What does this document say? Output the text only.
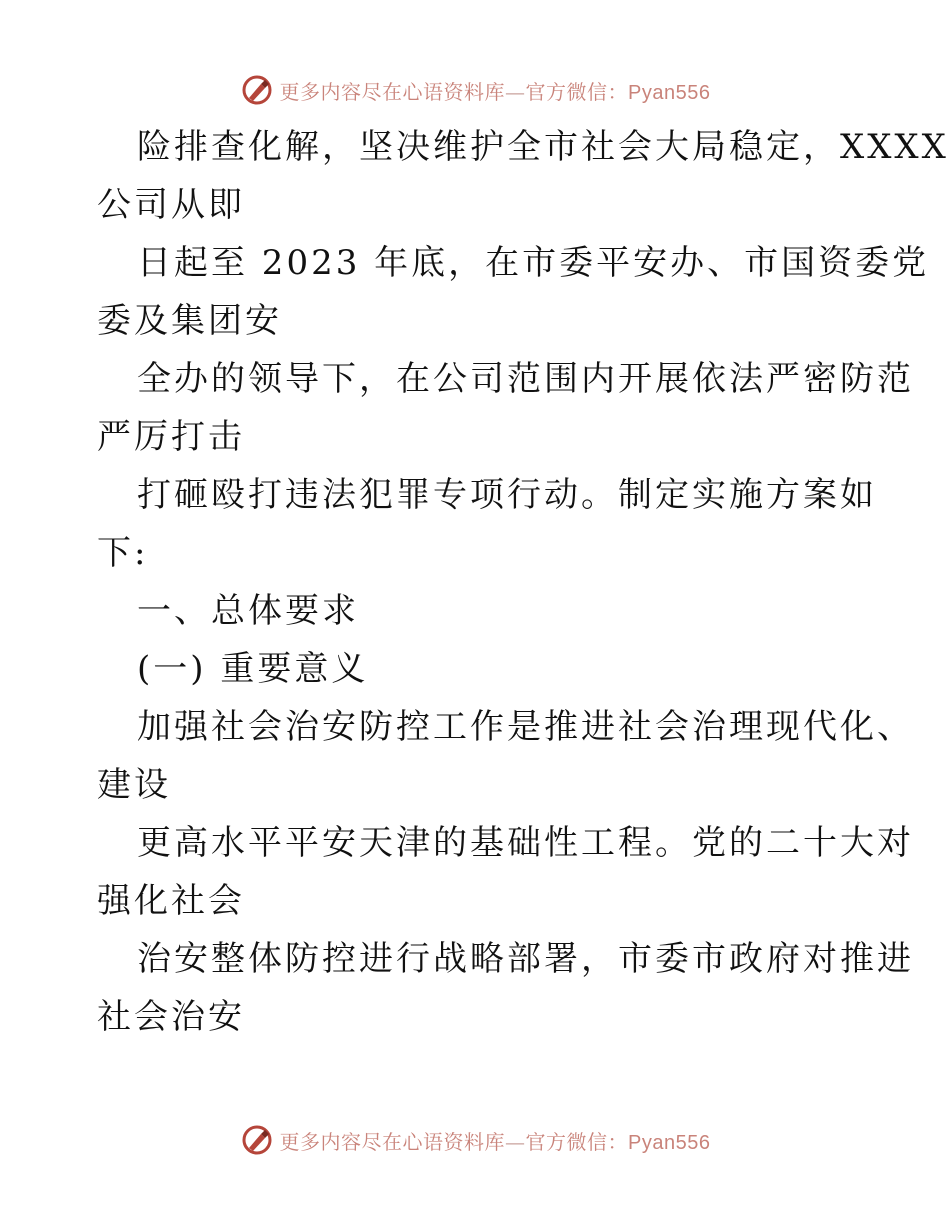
更多内容尽在心语资料库—官方微信：Pyan556
险排查化解，坚决维护全市社会大局稳定，XXXX
公司从即
日起至 2023 年底，在市委平安办、市国资委党
委及集团安
全办的领导下，在公司范围内开展依法严密防范
严厉打击
打砸殴打违法犯罪专项行动。制定实施方案如
下:
一、总体要求
(一) 重要意义
加强社会治安防控工作是推进社会治理现代化、
建设
更高水平平安天津的基础性工程。党的二十大对
强化社会
治安整体防控进行战略部署，市委市政府对推进
社会治安
更多内容尽在心语资料库—官方微信：Pyan556
